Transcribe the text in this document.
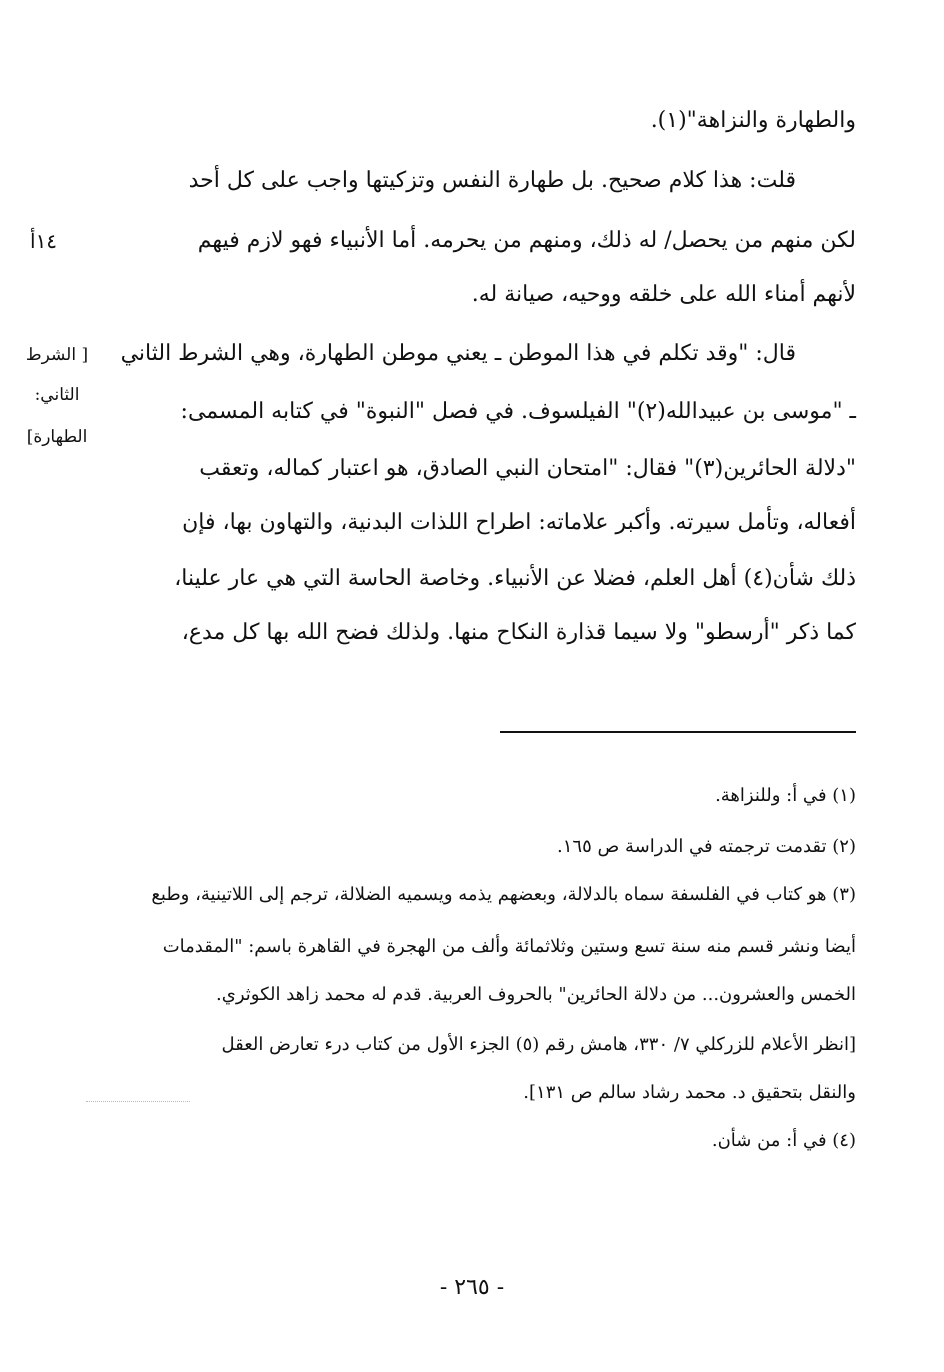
والطهارة والنزاهة"(١).
قلت: هذا كلام صحيح. بل طهارة النفس وتزكيتها واجب على كل أحد
لكن منهم من يحصل/ له ذلك، ومنهم من يحرمه. أما الأنبياء فهو لازم فيهم
لأنهم أمناء الله على خلقه ووحيه، صيانة له.
قال: "وقد تكلم في هذا الموطن ـ يعني موطن الطهارة، وهي الشرط الثاني
ـ "موسى بن عبيدالله(٢)" الفيلسوف. في فصل "النبوة" في كتابه المسمى:
"دلالة الحائرين(٣)" فقال: "امتحان النبي الصادق، هو اعتبار كماله، وتعقب
أفعاله، وتأمل سيرته. وأكبر علاماته: اطراح اللذات البدنية، والتهاون بها، فإن
ذلك شأن(٤) أهل العلم، فضلا عن الأنبياء. وخاصة الحاسة التي هي عار علينا،
كما ذكر "أرسطو" ولا سيما قذارة النكاح منها. ولذلك فضح الله بها كل مدع،
١٤أ
[ الشرط
الثاني:
الطهارة]
(١) في أ: وللنزاهة.
(٢) تقدمت ترجمته في الدراسة ص ١٦٥.
(٣) هو كتاب في الفلسفة سماه بالدلالة، وبعضهم يذمه ويسميه الضلالة، ترجم إلى اللاتينية، وطبع
أيضا ونشر قسم منه سنة تسع وستين وثلاثمائة وألف من الهجرة في القاهرة باسم: "المقدمات
الخمس والعشرون... من دلالة الحائرين" بالحروف العربية. قدم له محمد زاهد الكوثري.
[انظر الأعلام للزركلي ٧/ ٣٣٠، هامش رقم (٥) الجزء الأول من كتاب درء تعارض العقل
والنقل بتحقيق د. محمد رشاد سالم ص ١٣١].
(٤) في أ: من شأن.
- ٢٦٥ -
